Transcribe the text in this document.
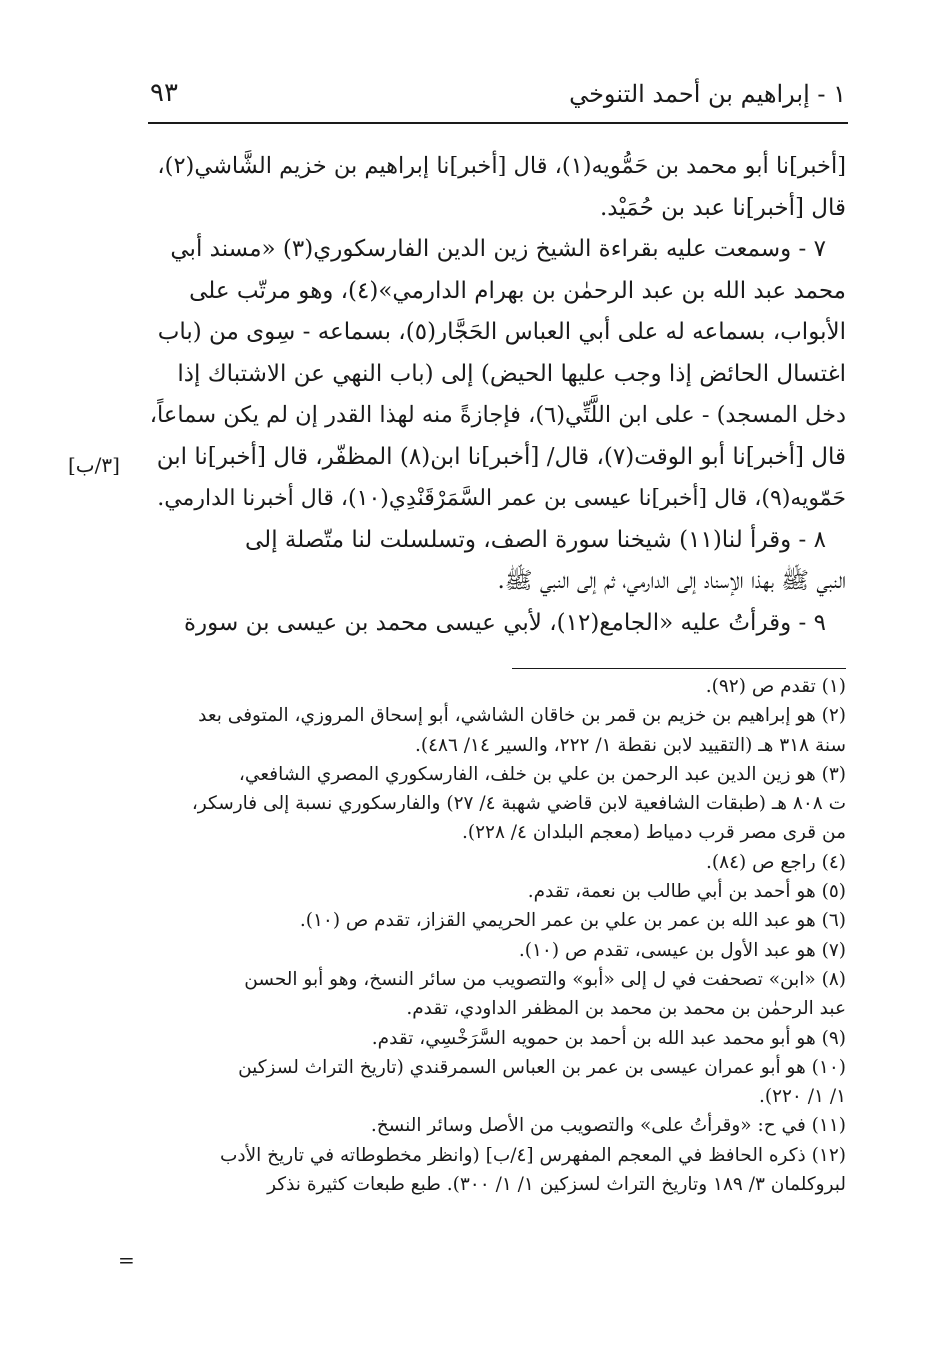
١ - إبراهيم بن أحمد التنوخي
٩٣

[أخبر]نا أبو محمد بن حَمُّويه(١)، قال [أخبر]نا إبراهيم بن خزيم الشَّاشي(٢)،

قال [أخبر]نا عبد بن حُمَيْد.

٧ - وسمعت عليه بقراءة الشيخ زين الدين الفارسكوري(٣) «مسند أبي

محمد عبد الله بن عبد الرحمٰن بن بهرام الدارمي»(٤)، وهو مرتّب على

الأبواب، بسماعه له على أبي العباس الحَجَّار(٥)، بسماعه - سِوى من (باب

اغتسال الحائض إذا وجب عليها الحيض) إلى (باب النهي عن الاشتباك إذا

دخل المسجد) - على ابن اللَّتِّي(٦)، فإجازةً منه لهذا القدر إن لم يكن سماعاً،

قال [أخبر]نا أبو الوقت(٧)، قال/ [أخبر]نا ابن(٨) المظفّر، قال [أخبر]نا ابن

حَمّويه(٩)، قال [أخبر]نا عيسى بن عمر السَّمَرْقَنْدِي(١٠)، قال أخبرنا الدارمي.

٨ - وقرأ لنا(١١) شيخنا سورة الصف، وتسلسلت لنا متّصلة إلى

النبي ﷺ بهذا الإسناد إلى الدارمي، ثم إلى النبي ﷺ.

٩ - وقرأتُ عليه «الجامع(١٢)، لأبي عيسى محمد بن عيسى بن سورة

[٣/ب]

(١) تقدم ص (٩٢).

(٢) هو إبراهيم بن خزيم بن قمر بن خاقان الشاشي، أبو إسحاق المروزي، المتوفى بعد

سنة ٣١٨ هـ (التقييد لابن نقطة ١/ ٢٢٢، والسير ١٤/ ٤٨٦).

(٣) هو زين الدين عبد الرحمن بن علي بن خلف، الفارسكوري المصري الشافعي،

ت ٨٠٨ هـ (طبقات الشافعية لابن قاضي شهبة ٤/ ٢٧) والفارسكوري نسبة إلى فارسكر،

من قرى مصر قرب دمياط (معجم البلدان ٤/ ٢٢٨).

(٤) راجع ص (٨٤).

(٥) هو أحمد بن أبي طالب بن نعمة، تقدم.

(٦) هو عبد الله بن عمر بن علي بن عمر الحريمي القزاز، تقدم ص (١٠).

(٧) هو عبد الأول بن عيسى، تقدم ص (١٠).

(٨) «ابن» تصحفت في ل إلى «أبو» والتصويب من سائر النسخ، وهو أبو الحسن

عبد الرحمٰن بن محمد بن محمد بن المظفر الداودي، تقدم.

(٩) هو أبو محمد عبد الله بن أحمد بن حمويه السَّرَخْسِي، تقدم.

(١٠) هو أبو عمران عيسى بن عمر بن العباس السمرقندي (تاريخ التراث لسزكين

١/ ١/ ٢٢٠).

(١١) في ح: «وقرأتُ على» والتصويب من الأصل وسائر النسخ.

(١٢) ذكره الحافظ في المعجم المفهرس [٤/ب] (وانظر مخطوطاته في تاريخ الأدب

لبروكلمان ٣/ ١٨٩ وتاريخ التراث لسزكين ١/ ١/ ٣٠٠). طبع طبعات كثيرة نذكر

=
